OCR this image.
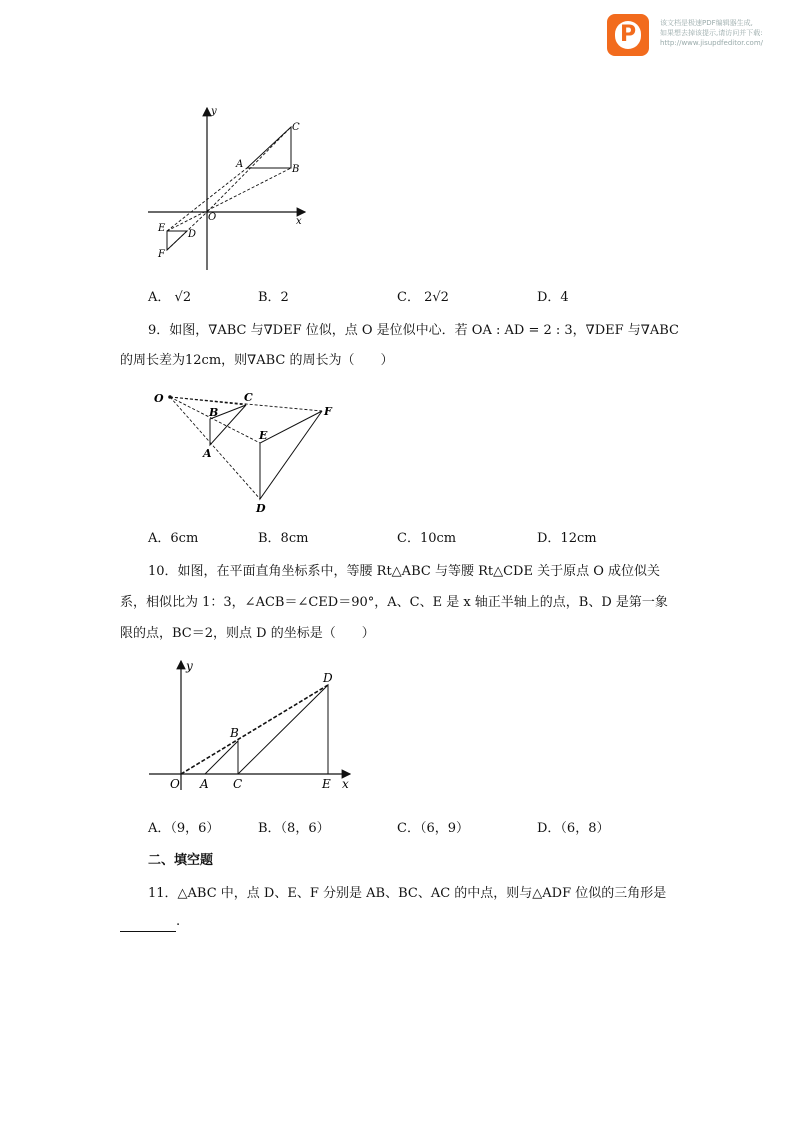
P	该文档是极速PDF编辑器生成,
如果想去掉该提示,请访问并下载:
http://www.jisupdfeditor.com/
y
x
O
A	B
C
D
E
F
A． √2	B．2	C． 2√2	D．4
9．如图，∇ABC 与∇DEF 位似，点 O 是位似中心．若 OA : AD = 2 : 3，∇DEF 与∇ABC
的周长差为12cm，则∇ABC 的周长为（　　）
O
A
B
C
D
E
F
A．6cm	B．8cm	C．10cm	D．12cm
10．如图，在平面直角坐标系中，等腰 Rt△ABC 与等腰 Rt△CDE 关于原点 O 成位似关
系，相似比为 1：3，∠ACB＝∠CED＝90°，A、C、E 是 x 轴正半轴上的点，B、D 是第一象
限的点，BC＝2，则点 D 的坐标是（　　）
y
x
O A
B
C
D
E
A．（9，6）	B．（8，6）	C．（6，9）	D．（6，8）
二、填空题
11．△ABC 中，点 D、E、F 分别是 AB、BC、AC 的中点，则与△ADF 位似的三角形是
.
